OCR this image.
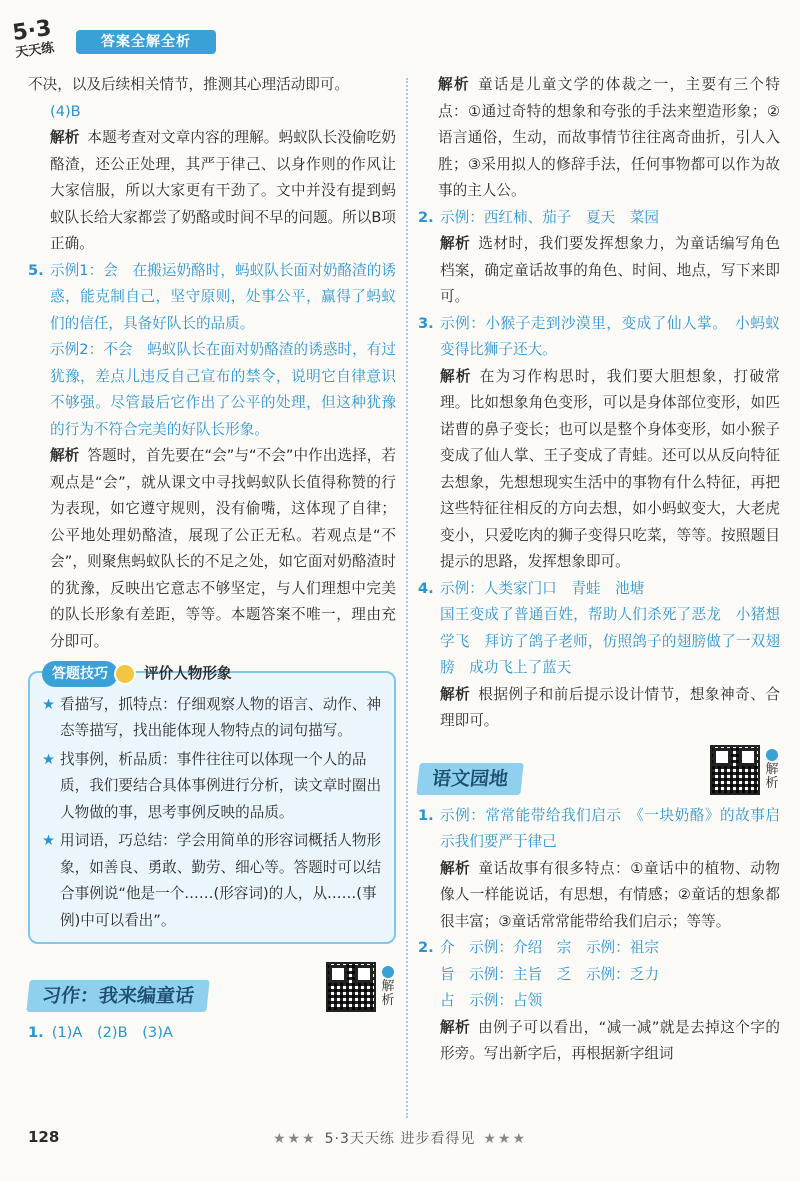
5·3
天天练	答案全解全析

不决，以及后续相关情节，推测其心理活动即可。

(4)B

解析 本题考查对文章内容的理解。蚂蚁队长没偷吃奶酪渣，还公正处理，其严于律己、以身作则的作风让大家信服，所以大家更有干劲了。文中并没有提到蚂蚁队长给大家都尝了奶酪或时间不早的问题。所以B项正确。

5. 示例1：会　在搬运奶酪时，蚂蚁队长面对奶酪渣的诱惑，能克制自己，坚守原则，处事公平，赢得了蚂蚁们的信任，具备好队长的品质。

示例2：不会　蚂蚁队长在面对奶酪渣的诱惑时，有过犹豫，差点儿违反自己宣布的禁令，说明它自律意识不够强。尽管最后它作出了公平的处理，但这种犹豫的行为不符合完美的好队长形象。

解析 答题时，首先要在“会”与“不会”中作出选择，若观点是“会”，就从课文中寻找蚂蚁队长值得称赞的行为表现，如它遵守规则，没有偷嘴，这体现了自律；公平地处理奶酪渣，展现了公正无私。若观点是“不会”，则聚焦蚂蚁队长的不足之处，如它面对奶酪渣时的犹豫，反映出它意志不够坚定，与人们理想中完美的队长形象有差距，等等。本题答案不唯一，理由充分即可。

答题技巧	评价人物形象
★ 看描写，抓特点：仔细观察人物的语言、动作、神态等描写，找出能体现人物特点的词句描写。
★ 找事例，析品质：事件往往可以体现一个人的品质，我们要结合具体事例进行分析，读文章时圈出人物做的事，思考事例反映的品质。
★ 用词语，巧总结：学会用简单的形容词概括人物形象，如善良、勇敢、勤劳、细心等。答题时可以结合事例说“他是一个……(形容词)的人，从……(事例)中可以看出”。
习作：我来编童话	解析

1. (1)A　(2)B　(3)A

解析 童话是儿童文学的体裁之一，主要有三个特点：①通过奇特的想象和夸张的手法来塑造形象；②语言通俗，生动，而故事情节往往离奇曲折，引人入胜；③采用拟人的修辞手法，任何事物都可以作为故事的主人公。

2. 示例：西红柿、茄子　夏天　菜园

解析 选材时，我们要发挥想象力，为童话编写角色档案，确定童话故事的角色、时间、地点，写下来即可。

3. 示例：小猴子走到沙漠里，变成了仙人掌。　小蚂蚁变得比狮子还大。

解析 在为习作构思时，我们要大胆想象，打破常理。比如想象角色变形，可以是身体部位变形，如匹诺曹的鼻子变长；也可以是整个身体变形，如小猴子变成了仙人掌、王子变成了青蛙。还可以从反向特征去想象，先想想现实生活中的事物有什么特征，再把这些特征往相反的方向去想，如小蚂蚁变大，大老虎变小，只爱吃肉的狮子变得只吃菜，等等。按照题目提示的思路，发挥想象即可。

4. 示例：人类家门口　青蛙　池塘

国王变成了普通百姓，帮助人们杀死了恶龙　小猪想学飞　拜访了鸽子老师，仿照鸽子的翅膀做了一双翅膀　成功飞上了蓝天

解析 根据例子和前后提示设计情节，想象神奇、合理即可。

语文园地	解析
1. 示例：常常能带给我们启示　《一块奶酪》的故事启示我们要严于律己

解析 童话故事有很多特点：①童话中的植物、动物像人一样能说话，有思想，有情感；②童话的想象都很丰富；③童话常常能带给我们启示；等等。

2. 介　示例：介绍　宗　示例：祖宗

旨　示例：主旨　乏　示例：乏力

占　示例：占领

解析 由例子可以看出，“减一减”就是去掉这个字的形旁。写出新字后，再根据新字组词

128	★★★ 5·3天天练 进步看得见 ★★★
